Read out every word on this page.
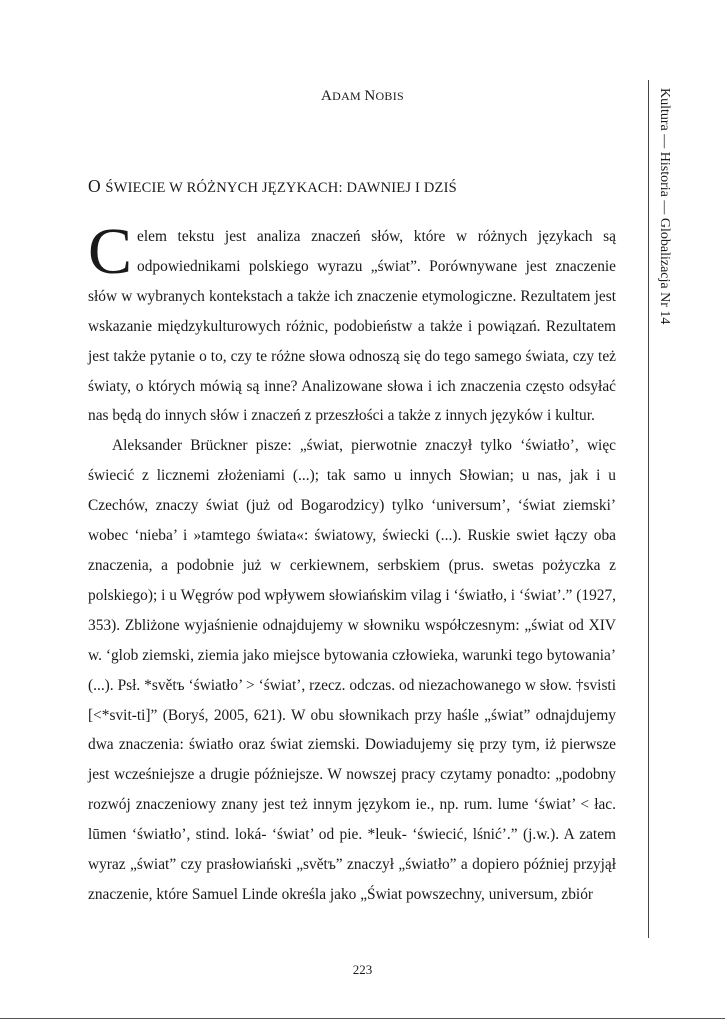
ADAM NOBIS
O ŚWIECIE W RÓŻNYCH JĘZYKACH: DAWNIEJ I DZIŚ	Kultura — Historia — Globalizacja Nr 14

Celem tekstu jest analiza znaczeń słów, które w różnych językach są odpowiednikami polskiego wyrazu „świat”. Porównywane jest znaczenie słów w wybranych kontekstach a także ich znaczenie etymologiczne. Rezultatem jest wskazanie międzykulturowych różnic, podobieństw a także i powiązań. Rezultatem jest także pytanie o to, czy te różne słowa odnoszą się do tego samego świata, czy też światy, o których mówią są inne? Analizowane słowa i ich znaczenia często odsyłać nas będą do innych słów i znaczeń z przeszłości a także z innych języków i kultur.

Aleksander Brückner pisze: „świat, pierwotnie znaczył tylko ‘światło’, więc świecić z licznemi złożeniami (...); tak samo u innych Słowian; u nas, jak i u Czechów, znaczy świat (już od Bogarodzicy) tylko ‘universum’, ‘świat ziemski’ wobec ‘nieba’ i »tamtego świata«: światowy, świecki (...). Ruskie swiet łączy oba znaczenia, a podobnie już w cerkiewnem, serbskiem (prus. swetas pożyczka z polskiego); i u Węgrów pod wpływem słowiańskim vilag i ‘światło, i ‘świat’.” (1927, 353). Zbliżone wyjaśnienie odnajdujemy w słowniku współczesnym: „świat od XIV w. ‘glob ziemski, ziemia jako miejsce bytowania człowieka, warunki tego bytowania’ (...). Psł. *světъ ‘światło’ > ‘świat’, rzecz. odczas. od niezachowanego w słow. †svisti [<*svit-ti]” (Boryś, 2005, 621). W obu słownikach przy haśle „świat” odnajdujemy dwa znaczenia: światło oraz świat ziemski. Dowiadujemy się przy tym, iż pierwsze jest wcześniejsze a drugie późniejsze. W nowszej pracy czytamy ponadto: „podobny rozwój znaczeniowy znany jest też innym językom ie., np. rum. lume ‘świat’ < łac. lūmen ‘światło’, stind. loká- ‘świat’ od pie. *leuk- ‘świecić, lśnić’.” (j.w.). A zatem wyraz „świat” czy prasłowiański „světъ” znaczył „światło” a dopiero później przyjął znaczenie, które Samuel Linde określa jako „Świat powszechny, universum, zbiór

223
